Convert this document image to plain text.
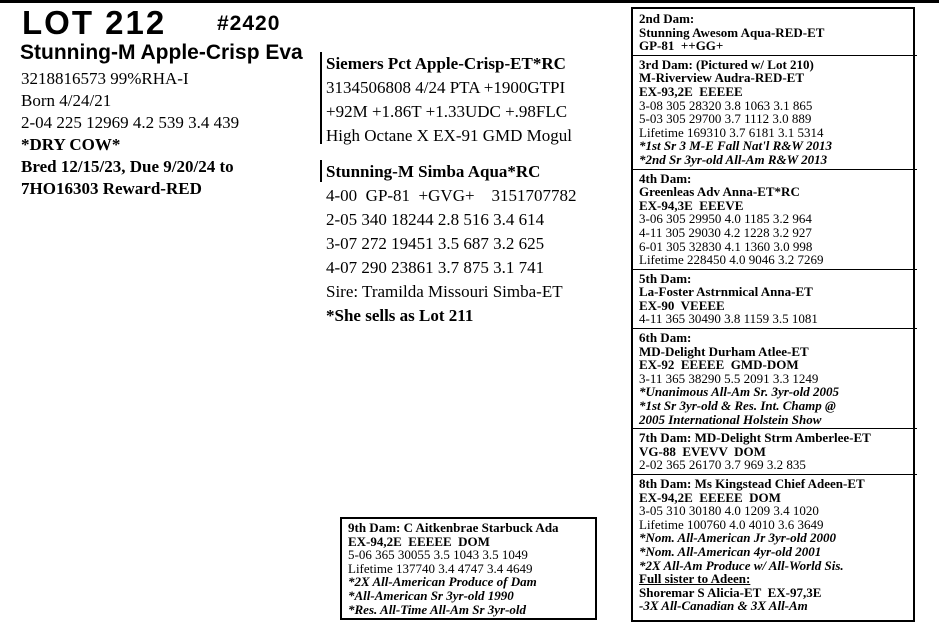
LOT 212 #2420
Stunning-M Apple-Crisp Eva
3218816573 99%RHA-I
Born 4/24/21
2-04 225 12969 4.2 539 3.4 439
*DRY COW*
Bred 12/15/23, Due 9/20/24 to
7HO16303 Reward-RED
Siemers Pct Apple-Crisp-ET*RC
3134506808 4/24 PTA +1900GTPI
+92M +1.86T +1.33UDC +.98FLC
High Octane X EX-91 GMD Mogul
Stunning-M Simba Aqua*RC
4-00  GP-81  +GVG+    3151707782
2-05 340 18244 2.8 516 3.4 614
3-07 272 19451 3.5 687 3.2 625
4-07 290 23861 3.7 875 3.1 741
Sire: Tramilda Missouri Simba-ET
*She sells as Lot 211
2nd Dam:
Stunning Awesom Aqua-RED-ET
GP-81  ++GG+
3rd Dam: (Pictured w/ Lot 210)
M-Riverview Audra-RED-ET
EX-93,2E  EEEEE
3-08 305 28320 3.8 1063 3.1 865
5-03 305 29700 3.7 1112 3.0 889
Lifetime 169310 3.7 6181 3.1 5314
*1st Sr 3 M-E Fall Nat'l R&W 2013
*2nd Sr 3yr-old All-Am R&W 2013
4th Dam:
Greenleas Adv Anna-ET*RC
EX-94,3E  EEEVE
3-06 305 29950 4.0 1185 3.2 964
4-11 305 29030 4.2 1228 3.2 927
6-01 305 32830 4.1 1360 3.0 998
Lifetime 228450 4.0 9046 3.2 7269
5th Dam:
La-Foster Astrnmical Anna-ET
EX-90  VEEEE
4-11 365 30490 3.8 1159 3.5 1081
6th Dam:
MD-Delight Durham Atlee-ET
EX-92  EEEEE  GMD-DOM
3-11 365 38290 5.5 2091 3.3 1249
*Unanimous All-Am Sr. 3yr-old 2005
*1st Sr 3yr-old & Res. Int. Champ @
2005 International Holstein Show
7th Dam: MD-Delight Strm Amberlee-ET
VG-88  EVEVV  DOM
2-02 365 26170 3.7 969 3.2 835
8th Dam: Ms Kingstead Chief Adeen-ET
EX-94,2E  EEEEE  DOM
3-05 310 30180 4.0 1209 3.4 1020
Lifetime 100760 4.0 4010 3.6 3649
*Nom. All-American Jr 3yr-old 2000
*Nom. All-American 4yr-old 2001
*2X All-Am Produce w/ All-World Sis.
Full sister to Adeen:
Shoremar S Alicia-ET  EX-97,3E
-3X All-Canadian & 3X All-Am
9th Dam: C Aitkenbrae Starbuck Ada
EX-94,2E  EEEEE  DOM
5-06 365 30055 3.5 1043 3.5 1049
Lifetime 137740 3.4 4747 3.4 4649
*2X All-American Produce of Dam
*All-American Sr 3yr-old 1990
*Res. All-Time All-Am Sr 3yr-old
